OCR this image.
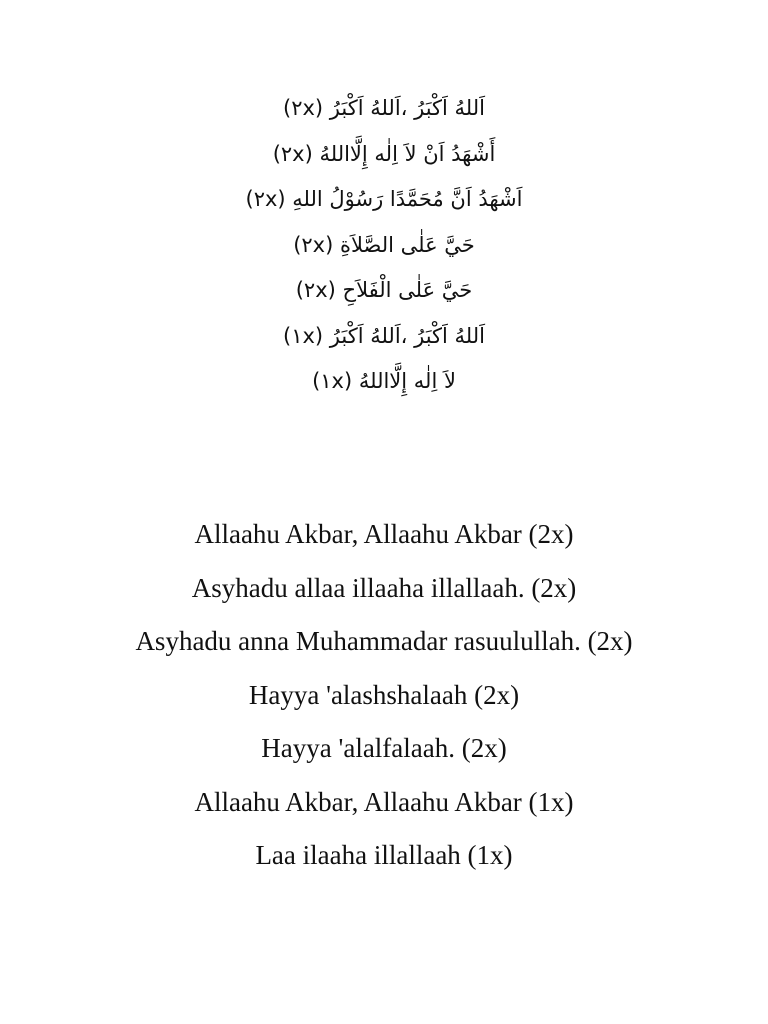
اَللهُ اَكْبَرُ ،اَللهُ اَكْبَرُ (٢x)
أَشْهَدُ اَنْ لاَ اِلٰه إِلَّااللهُ (٢x)
اَشْهَدُ اَنَّ مُحَمَّدًا رَسُوْلُ اللهِ (٢x)
حَيَّ عَلٰى الصَّلاَةِ (٢x)
حَيَّ عَلٰى الْفَلاَحِ (٢x)
اَللهُ اَكْبَرُ ،اَللهُ اَكْبَرُ (١x)
لاَ اِلٰه إِلَّااللهُ (١x)
Allaahu Akbar, Allaahu Akbar (2x)
Asyhadu allaa illaaha illallaah. (2x)
Asyhadu anna Muhammadar rasuulullah. (2x)
Hayya 'alashshalaah (2x)
Hayya 'alalfalaah. (2x)
Allaahu Akbar, Allaahu Akbar (1x)
Laa ilaaha illallaah (1x)
